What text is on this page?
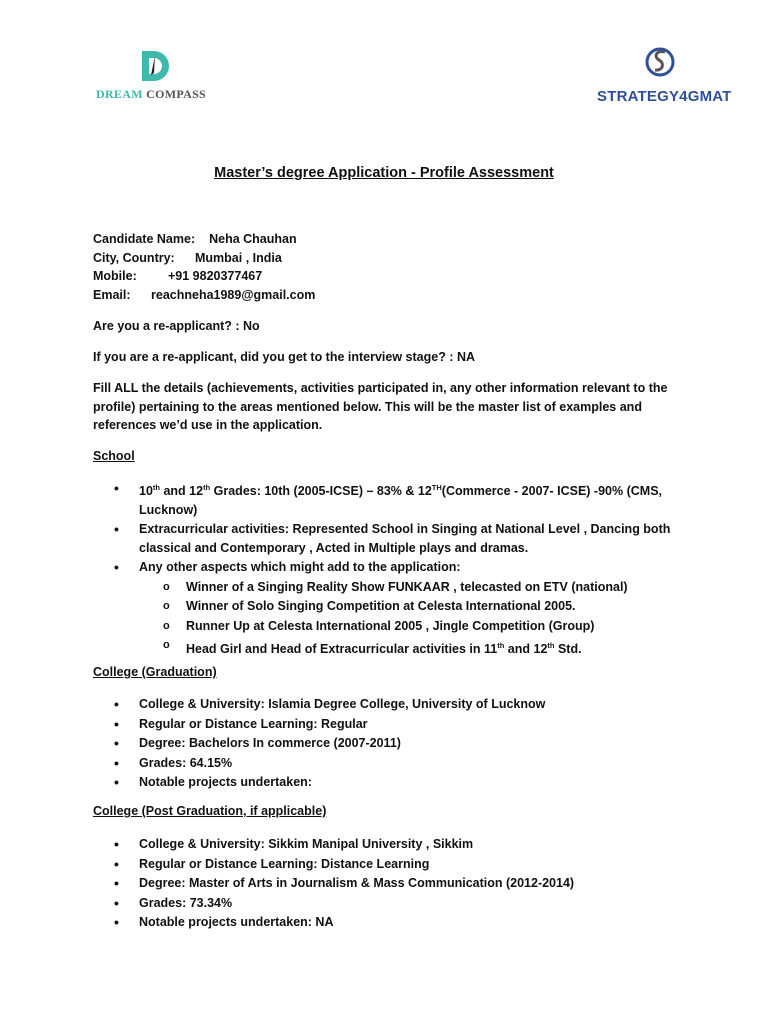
DREAM COMPASS	STRATEGY4GMAT
Master’s degree Application - Profile Assessment
Candidate Name: Neha Chauhan
City, Country: Mumbai , India
Mobile:	+91 9820377467
Email: reachneha1989@gmail.com

Are you a re-applicant? : No

If you are a re-applicant, did you get to the interview stage? : NA

Fill ALL the details (achievements, activities participated in, any other information relevant to the profile) pertaining to the areas mentioned below. This will be the master list of examples and references we’d use in the application.

School

• 10th and 12th Grades: 10th (2005-ICSE) – 83% & 12TH(Commerce - 2007- ICSE) -90% (CMS, Lucknow)
• Extracurricular activities: Represented School in Singing at National Level , Dancing both classical and Contemporary , Acted in Multiple plays and dramas.
• Any other aspects which might add to the application:
o Winner of a Singing Reality Show FUNKAAR , telecasted on ETV (national)
o Winner of Solo Singing Competition at Celesta International 2005.
o Runner Up at Celesta International 2005 , Jingle Competition (Group)
o Head Girl and Head of Extracurricular activities in 11th and 12th Std.

College (Graduation)

• College & University: Islamia Degree College, University of Lucknow
• Regular or Distance Learning: Regular
• Degree: Bachelors In commerce (2007-2011)
• Grades: 64.15%
• Notable projects undertaken:

College (Post Graduation, if applicable)

• College & University: Sikkim Manipal University , Sikkim
• Regular or Distance Learning: Distance Learning
• Degree: Master of Arts in Journalism & Mass Communication (2012-2014)
• Grades: 73.34%
• Notable projects undertaken: NA
